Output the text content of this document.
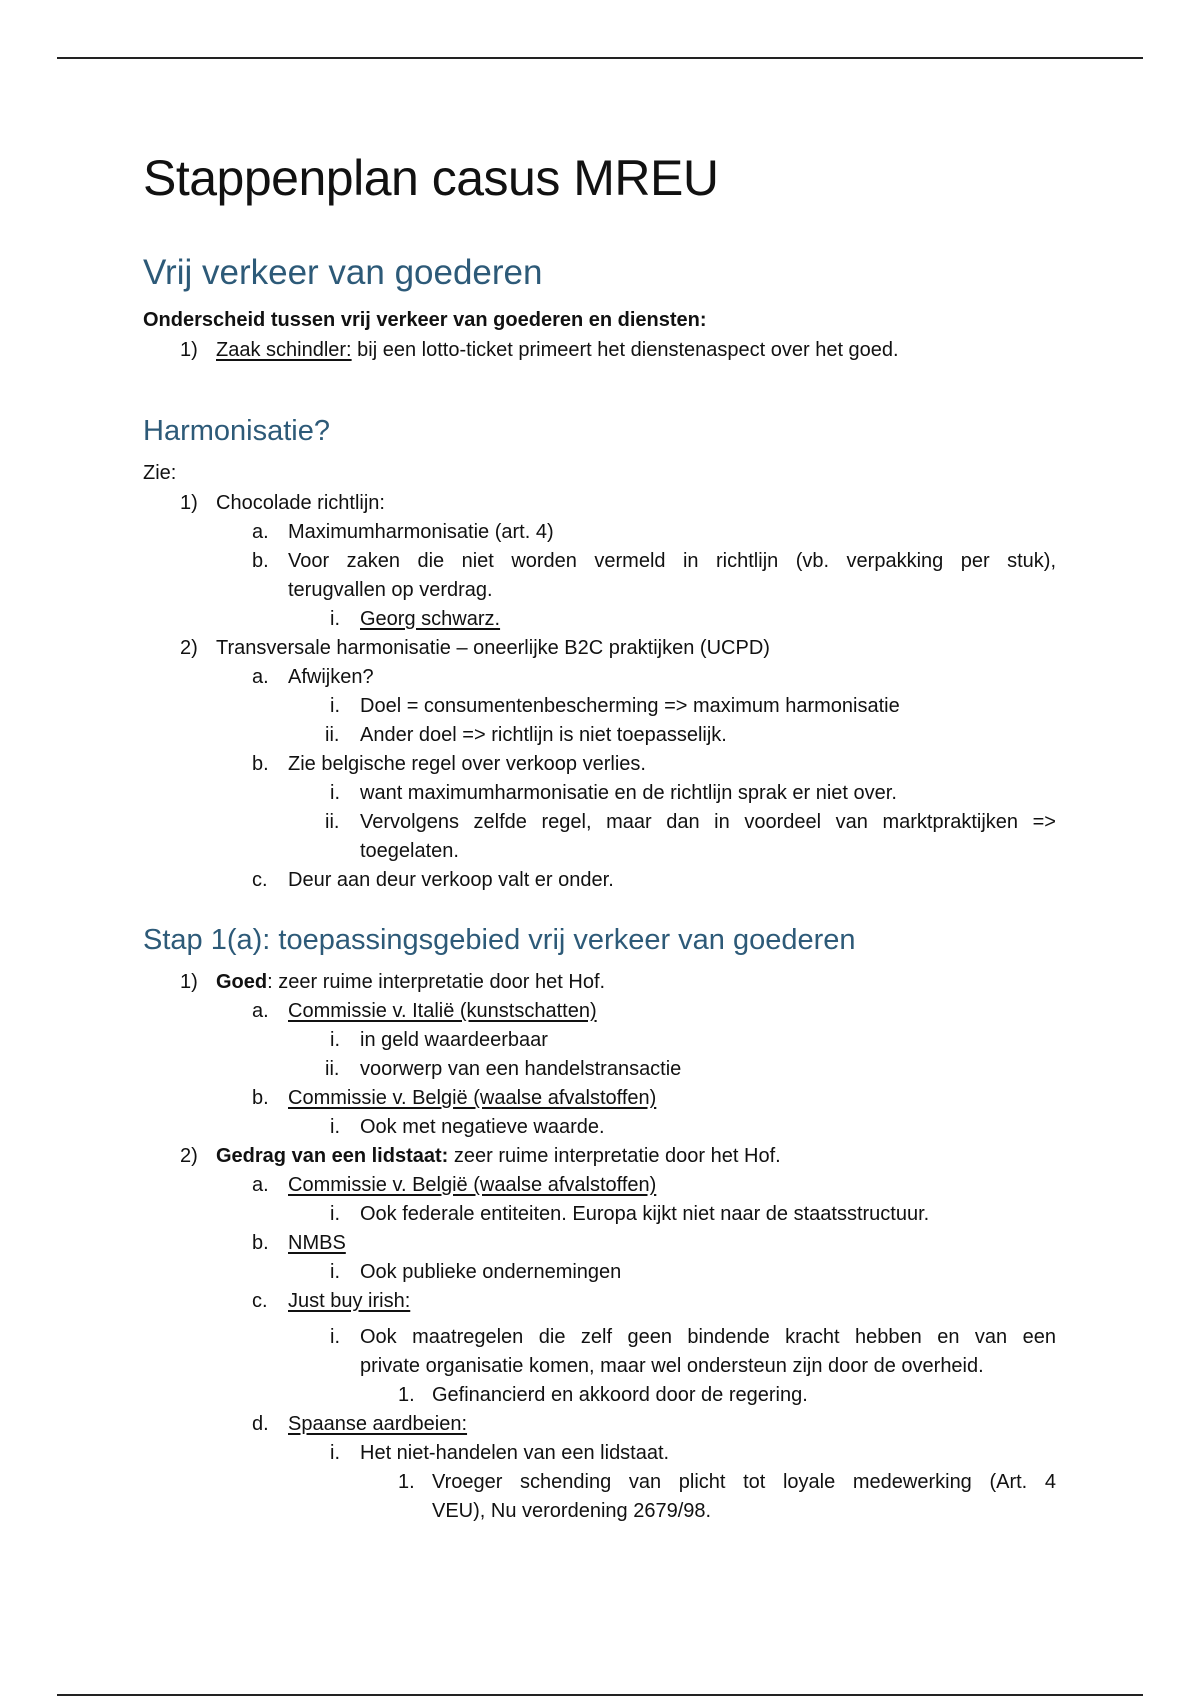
Stappenplan casus MREU
Vrij verkeer van goederen
Onderscheid tussen vrij verkeer van goederen en diensten:
1) Zaak schindler: bij een lotto-ticket primeert het dienstenaspect over het goed.
Harmonisatie?
Zie:
1) Chocolade richtlijn:
a. Maximumharmonisatie (art. 4)
b. Voor zaken die niet worden vermeld in richtlijn (vb. verpakking per stuk),
terugvallen op verdrag.
i. Georg schwarz.
2) Transversale harmonisatie – oneerlijke B2C praktijken (UCPD)
a. Afwijken?
i. Doel = consumentenbescherming => maximum harmonisatie
ii. Ander doel => richtlijn is niet toepasselijk.
b. Zie belgische regel over verkoop verlies.
i. want maximumharmonisatie en de richtlijn sprak er niet over.
ii. Vervolgens zelfde regel, maar dan in voordeel van marktpraktijken =>
toegelaten.
c. Deur aan deur verkoop valt er onder.
Stap 1(a): toepassingsgebied vrij verkeer van goederen
1) Goed: zeer ruime interpretatie door het Hof.
a. Commissie v. Italië (kunstschatten)
i. in geld waardeerbaar
ii. voorwerp van een handelstransactie
b. Commissie v. België (waalse afvalstoffen)
i. Ook met negatieve waarde.
2) Gedrag van een lidstaat: zeer ruime interpretatie door het Hof.
a. Commissie v. België (waalse afvalstoffen)
i. Ook federale entiteiten. Europa kijkt niet naar de staatsstructuur.
b. NMBS
i. Ook publieke ondernemingen
c. Just buy irish:
i. Ook maatregelen die zelf geen bindende kracht hebben en van een
private organisatie komen, maar wel ondersteun zijn door de overheid.
1. Gefinancierd en akkoord door de regering.
d. Spaanse aardbeien:
i. Het niet-handelen van een lidstaat.
1. Vroeger schending van plicht tot loyale medewerking (Art. 4
VEU), Nu verordening 2679/98.
